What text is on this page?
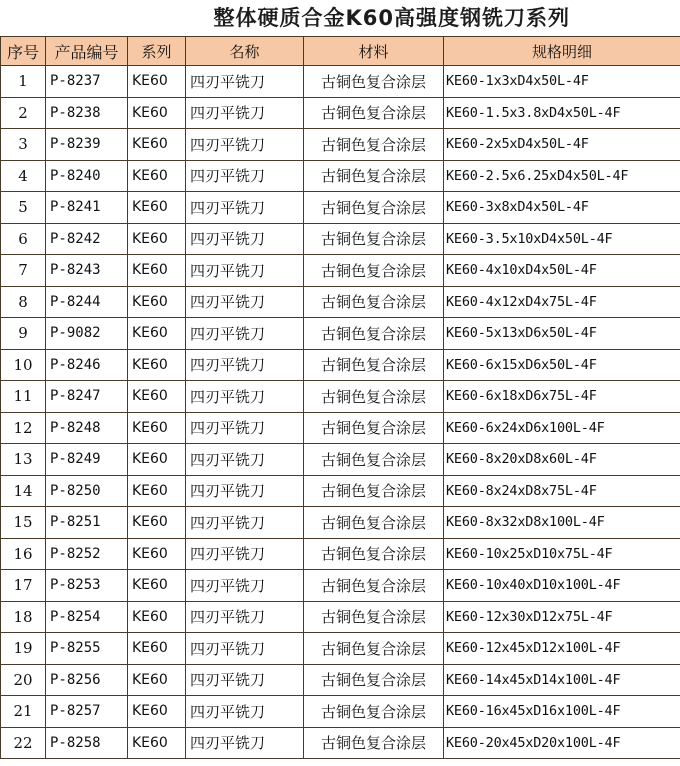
整体硬质合金K60高强度钢铣刀系列
序号	产品编号	系列	名称	材料	规格明细
1	P-8237	KE60	四刃平铣刀	古铜色复合涂层	KE60-1x3xD4x50L-4F
2	P-8238	KE60	四刃平铣刀	古铜色复合涂层	KE60-1.5x3.8xD4x50L-4F
3	P-8239	KE60	四刃平铣刀	古铜色复合涂层	KE60-2x5xD4x50L-4F
4	P-8240	KE60	四刃平铣刀	古铜色复合涂层	KE60-2.5x6.25xD4x50L-4F
5	P-8241	KE60	四刃平铣刀	古铜色复合涂层	KE60-3x8xD4x50L-4F
6	P-8242	KE60	四刃平铣刀	古铜色复合涂层	KE60-3.5x10xD4x50L-4F
7	P-8243	KE60	四刃平铣刀	古铜色复合涂层	KE60-4x10xD4x50L-4F
8	P-8244	KE60	四刃平铣刀	古铜色复合涂层	KE60-4x12xD4x75L-4F
9	P-9082	KE60	四刃平铣刀	古铜色复合涂层	KE60-5x13xD6x50L-4F
10	P-8246	KE60	四刃平铣刀	古铜色复合涂层	KE60-6x15xD6x50L-4F
11	P-8247	KE60	四刃平铣刀	古铜色复合涂层	KE60-6x18xD6x75L-4F
12	P-8248	KE60	四刃平铣刀	古铜色复合涂层	KE60-6x24xD6x100L-4F
13	P-8249	KE60	四刃平铣刀	古铜色复合涂层	KE60-8x20xD8x60L-4F
14	P-8250	KE60	四刃平铣刀	古铜色复合涂层	KE60-8x24xD8x75L-4F
15	P-8251	KE60	四刃平铣刀	古铜色复合涂层	KE60-8x32xD8x100L-4F
16	P-8252	KE60	四刃平铣刀	古铜色复合涂层	KE60-10x25xD10x75L-4F
17	P-8253	KE60	四刃平铣刀	古铜色复合涂层	KE60-10x40xD10x100L-4F
18	P-8254	KE60	四刃平铣刀	古铜色复合涂层	KE60-12x30xD12x75L-4F
19	P-8255	KE60	四刃平铣刀	古铜色复合涂层	KE60-12x45xD12x100L-4F
20	P-8256	KE60	四刃平铣刀	古铜色复合涂层	KE60-14x45xD14x100L-4F
21	P-8257	KE60	四刃平铣刀	古铜色复合涂层	KE60-16x45xD16x100L-4F
22	P-8258	KE60	四刃平铣刀	古铜色复合涂层	KE60-20x45xD20x100L-4F
